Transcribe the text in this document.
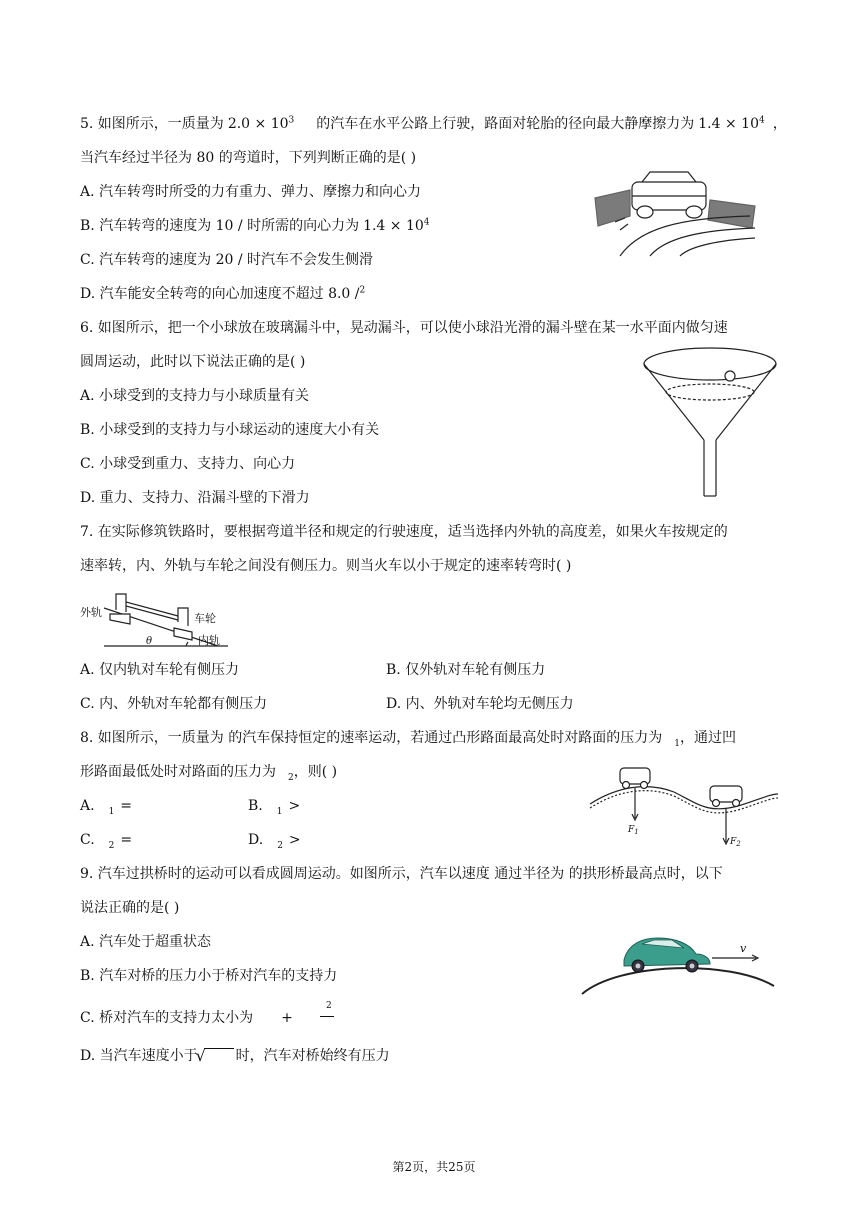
5. 如图所示，一质量为 $2.0 \times 10^3$ 的汽车在水平公路上行驶，路面对轮胎的径向最大静摩擦力为 $1.4 \times 10^4$ ，
当汽车经过半径为 80 的弯道时，下列判断正确的是( )
A. 汽车转弯时所受的力有重力、弹力、摩擦力和向心力
B. 汽车转弯的速度为 10 / 时所需的向心力为 $1.4 \times 10^4$
C. 汽车转弯的速度为 20 / 时汽车不会发生侧滑
D. 汽车能安全转弯的向心加速度不超过 8.0 /$^2$
6. 如图所示，把一个小球放在玻璃漏斗中，晃动漏斗，可以使小球沿光滑的漏斗壁在某一水平面内做匀速
圆周运动，此时以下说法正确的是( )
A. 小球受到的支持力与小球质量有关
B. 小球受到的支持力与小球运动的速度大小有关
C. 小球受到重力、支持力、向心力
D. 重力、支持力、沿漏斗壁的下滑力
7. 在实际修筑铁路时，要根据弯道半径和规定的行驶速度，适当选择内外轨的高度差，如果火车按规定的
速率转，内、外轨与车轮之间没有侧压力。则当火车以小于规定的速率转弯时( )
外轨	车轮
内轨
θ
A. 仅内轨对车轮有侧压力	B. 仅外轨对车轮有侧压力
C. 内、外轨对车轮都有侧压力	D. 内、外轨对车轮均无侧压力
8. 如图所示，一质量为 的汽车保持恒定的速率运动，若通过凸形路面最高处时对路面的压力为 $_1$，通过凹
形路面最低处时对路面的压力为 $_2$，则( )
A. $_1$ =	B. $_1$ >
C. $_2$ =	D. $_2$ >
$F_1$
$F_2$
9. 汽车过拱桥时的运动可以看成圆周运动。如图所示，汽车以速度 通过半径为 的拱形桥最高点时，以下
说法正确的是( )
A. 汽车处于超重状态
B. 汽车对桥的压力小于桥对汽车的支持力
C. 桥对汽车的支持力太小为 +
2
D. 当汽车速度小于
√ 时，汽车对桥始终有压力
v
第2页，共25页
